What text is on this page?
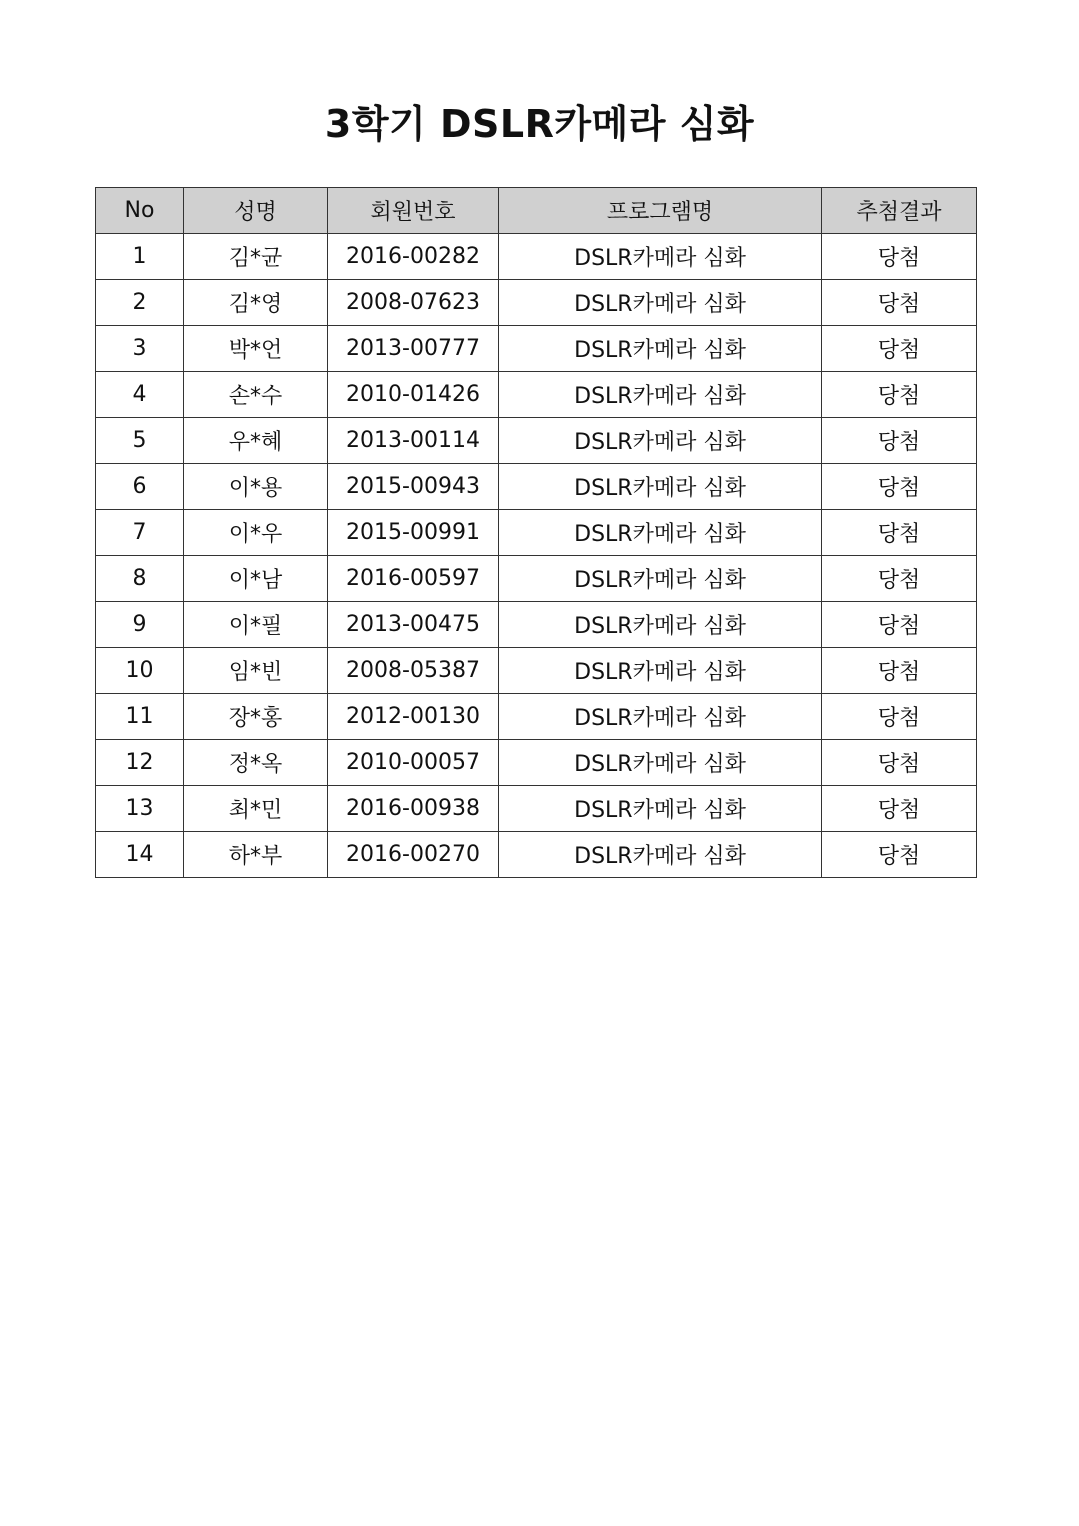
3학기 DSLR카메라 심화
No	성명	회원번호	프로그램명	추첨결과
1	김*균	2016-00282	DSLR카메라 심화	당첨
2	김*영	2008-07623	DSLR카메라 심화	당첨
3	박*언	2013-00777	DSLR카메라 심화	당첨
4	손*수	2010-01426	DSLR카메라 심화	당첨
5	우*혜	2013-00114	DSLR카메라 심화	당첨
6	이*용	2015-00943	DSLR카메라 심화	당첨
7	이*우	2015-00991	DSLR카메라 심화	당첨
8	이*남	2016-00597	DSLR카메라 심화	당첨
9	이*필	2013-00475	DSLR카메라 심화	당첨
10	임*빈	2008-05387	DSLR카메라 심화	당첨
11	장*홍	2012-00130	DSLR카메라 심화	당첨
12	정*옥	2010-00057	DSLR카메라 심화	당첨
13	최*민	2016-00938	DSLR카메라 심화	당첨
14	하*부	2016-00270	DSLR카메라 심화	당첨
